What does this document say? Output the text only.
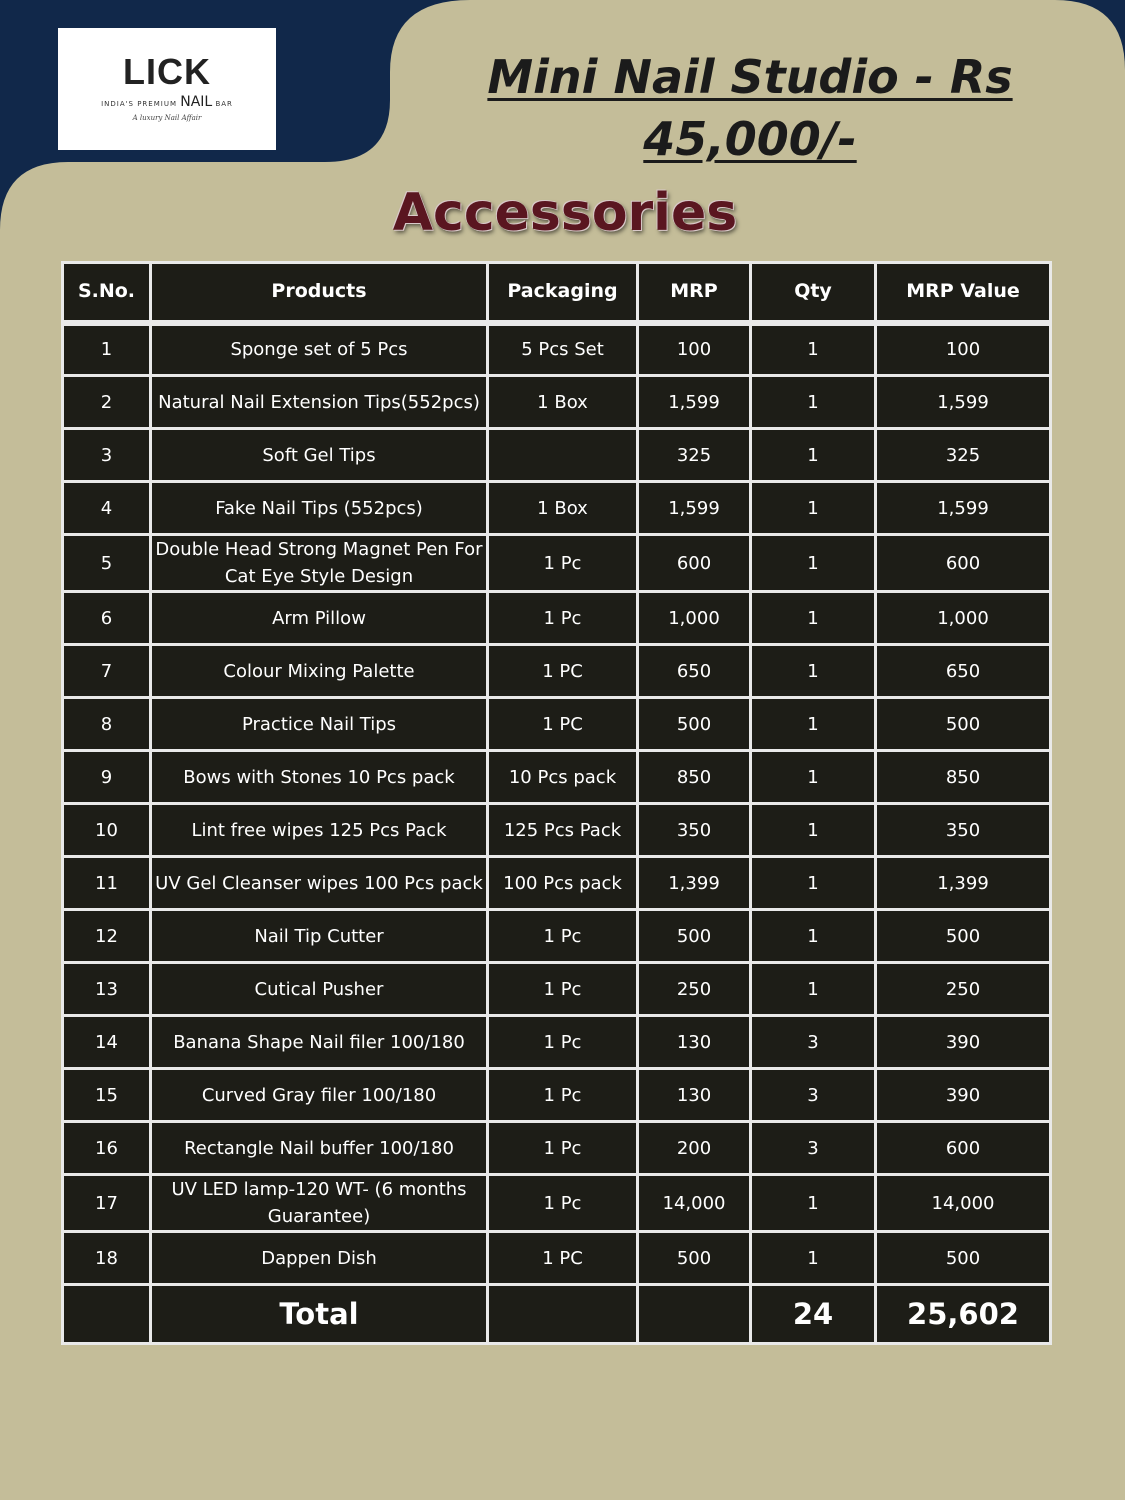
LICK
INDIA'S PREMIUM NAIL BAR
A luxury Nail Affair
Mini Nail Studio - Rs 45,000/-
Accessories
S.No.	Products	Packaging	MRP	Qty	MRP Value
1	Sponge set of 5 Pcs	5 Pcs Set	100	1	100
2	Natural Nail Extension Tips(552pcs)	1 Box	1,599	1	1,599
3	Soft Gel Tips		325	1	325
4	Fake Nail Tips (552pcs)	1 Box	1,599	1	1,599
5	Double Head Strong Magnet Pen For Cat Eye Style Design	1 Pc	600	1	600
6	Arm Pillow	1 Pc	1,000	1	1,000
7	Colour Mixing Palette	1 PC	650	1	650
8	Practice Nail Tips	1 PC	500	1	500
9	Bows with Stones 10 Pcs pack	10 Pcs pack	850	1	850
10	Lint free wipes 125 Pcs Pack	125 Pcs Pack	350	1	350
11	UV Gel Cleanser wipes 100 Pcs pack	100 Pcs pack	1,399	1	1,399
12	Nail Tip Cutter	1 Pc	500	1	500
13	Cutical Pusher	1 Pc	250	1	250
14	Banana Shape Nail filer 100/180	1 Pc	130	3	390
15	Curved Gray filer 100/180	1 Pc	130	3	390
16	Rectangle Nail buffer 100/180	1 Pc	200	3	600
17	UV LED lamp-120 WT- (6 months Guarantee)	1 Pc	14,000	1	14,000
18	Dappen Dish	1 PC	500	1	500
	Total			24	25,602
